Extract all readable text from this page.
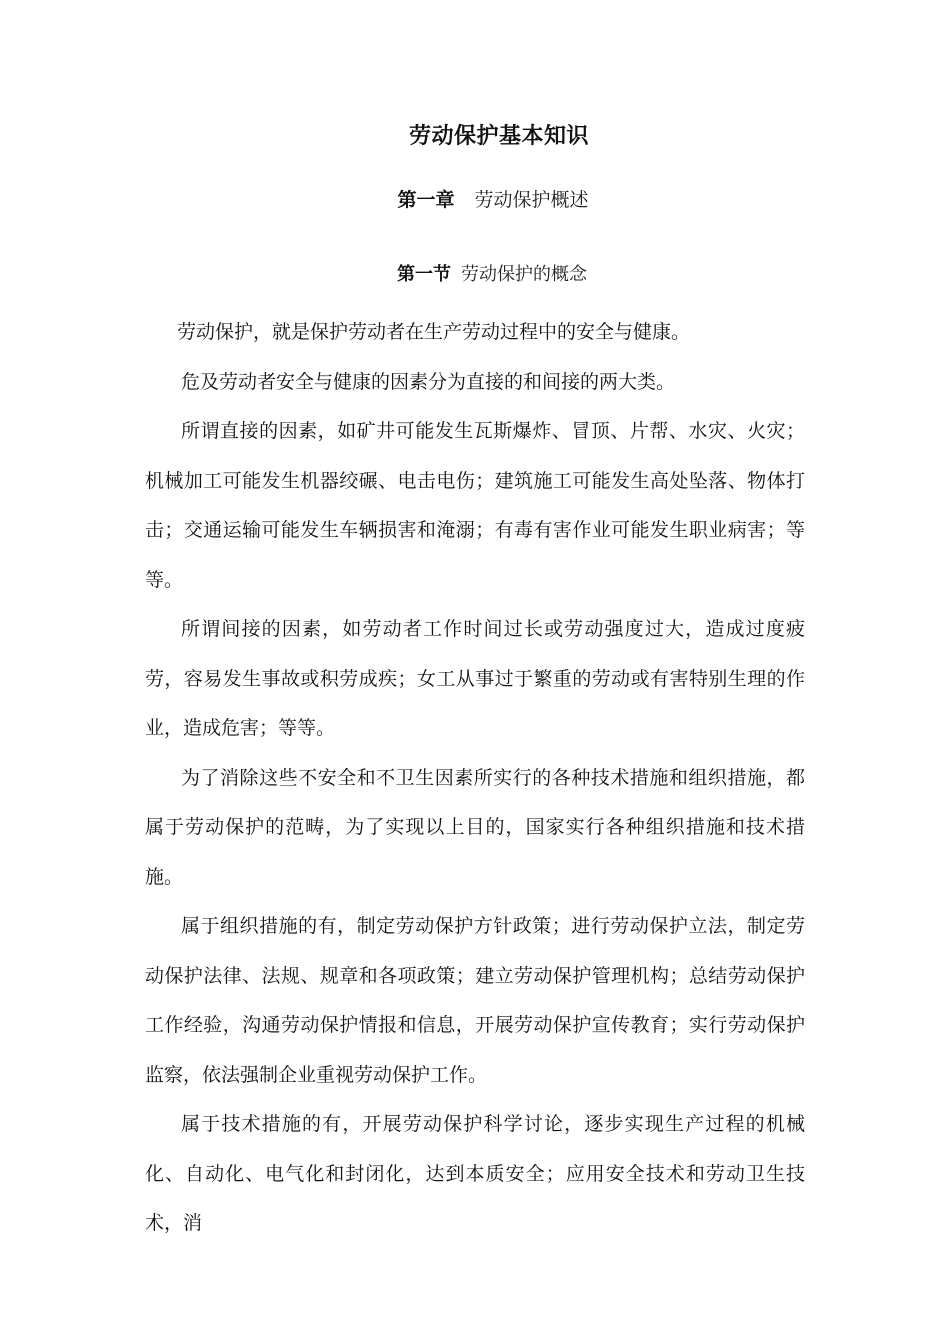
劳动保护基本知识
第一章 劳动保护概述
第一节 劳动保护的概念

劳动保护，就是保护劳动者在生产劳动过程中的安全与健康。

危及劳动者安全与健康的因素分为直接的和间接的两大类。

所谓直接的因素，如矿井可能发生瓦斯爆炸、冒顶、片帮、水灾、火灾；机械加工可能发生机器绞碾、电击电伤；建筑施工可能发生高处坠落、物体打击；交通运输可能发生车辆损害和淹溺；有毒有害作业可能发生职业病害；等等。

所谓间接的因素，如劳动者工作时间过长或劳动强度过大，造成过度疲劳，容易发生事故或积劳成疾；女工从事过于繁重的劳动或有害特别生理的作业，造成危害；等等。

为了消除这些不安全和不卫生因素所实行的各种技术措施和组织措施，都属于劳动保护的范畴，为了实现以上目的，国家实行各种组织措施和技术措施。

属于组织措施的有，制定劳动保护方针政策；进行劳动保护立法，制定劳动保护法律、法规、规章和各项政策；建立劳动保护管理机构；总结劳动保护工作经验，沟通劳动保护情报和信息，开展劳动保护宣传教育；实行劳动保护监察，依法强制企业重视劳动保护工作。

属于技术措施的有，开展劳动保护科学讨论，逐步实现生产过程的机械化、自动化、电气化和封闭化，达到本质安全；应用安全技术和劳动卫生技术，消
